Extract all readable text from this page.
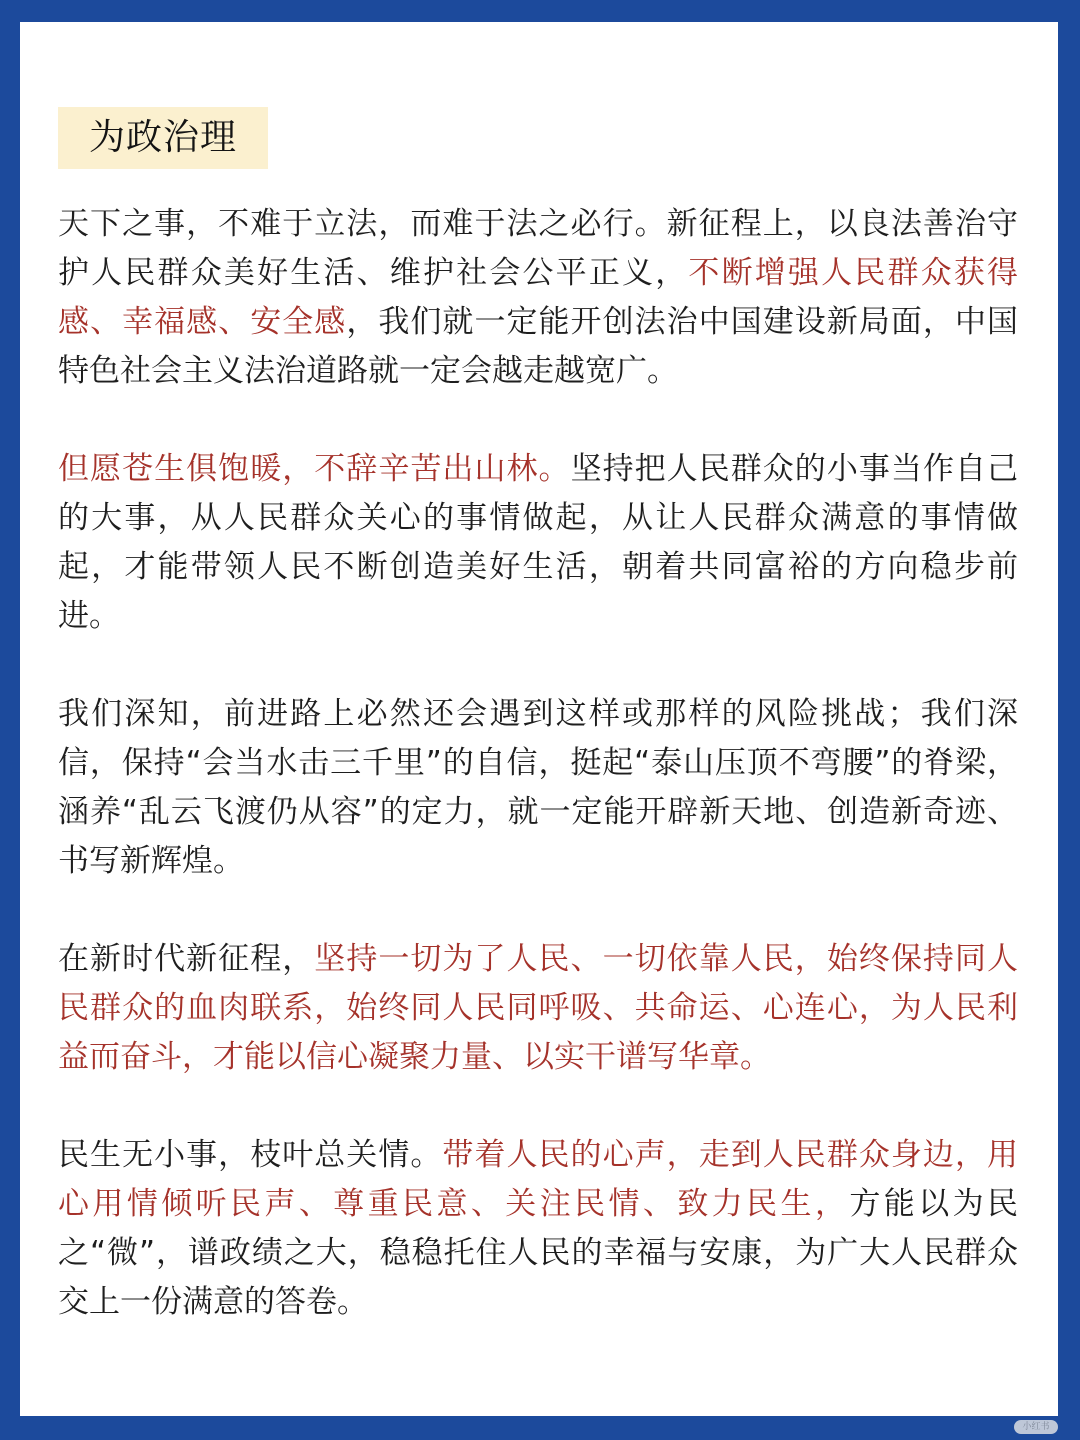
为政治理

天下之事，不难于立法，而难于法之必行。新征程上，以良法善治守护人民群众美好生活、维护社会公平正义，不断增强人民群众获得感、幸福感、安全感，我们就一定能开创法治中国建设新局面，中国特色社会主义法治道路就一定会越走越宽广。

但愿苍生俱饱暖，不辞辛苦出山林。坚持把人民群众的小事当作自己的大事，从人民群众关心的事情做起，从让人民群众满意的事情做起，才能带领人民不断创造美好生活，朝着共同富裕的方向稳步前进。

我们深知，前进路上必然还会遇到这样或那样的风险挑战；我们深信，保持“会当水击三千里”的自信，挺起“泰山压顶不弯腰”的脊梁，涵养“乱云飞渡仍从容”的定力，就一定能开辟新天地、创造新奇迹、书写新辉煌。

在新时代新征程，坚持一切为了人民、一切依靠人民，始终保持同人民群众的血肉联系，始终同人民同呼吸、共命运、心连心，为人民利益而奋斗，才能以信心凝聚力量、以实干谱写华章。

民生无小事，枝叶总关情。带着人民的心声，走到人民群众身边，用心用情倾听民声、尊重民意、关注民情、致力民生，方能以为民之“微”，谱政绩之大，稳稳托住人民的幸福与安康，为广大人民群众交上一份满意的答卷。

小红书
